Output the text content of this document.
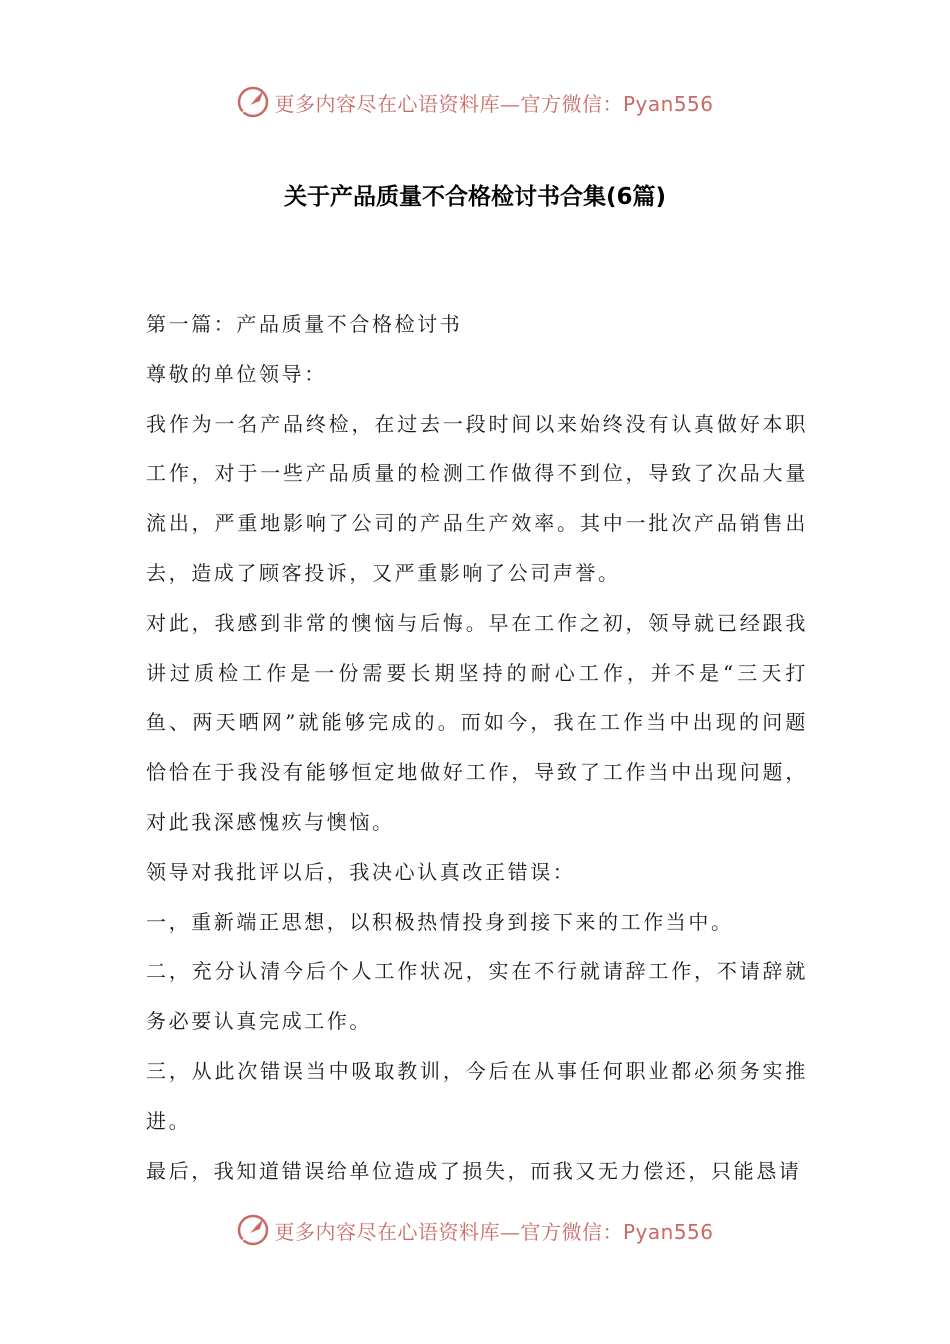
更多内容尽在心语资料库—官方微信：Pyan556
关于产品质量不合格检讨书合集(6篇)

第一篇：产品质量不合格检讨书

尊敬的单位领导：

我作为一名产品终检，在过去一段时间以来始终没有认真做好本职工作，对于一些产品质量的检测工作做得不到位，导致了次品大量流出，严重地影响了公司的产品生产效率。其中一批次产品销售出去，造成了顾客投诉，又严重影响了公司声誉。

对此，我感到非常的懊恼与后悔。早在工作之初，领导就已经跟我讲过质检工作是一份需要长期坚持的耐心工作，并不是“三天打鱼、两天晒网”就能够完成的。而如今，我在工作当中出现的问题恰恰在于我没有能够恒定地做好工作，导致了工作当中出现问题，对此我深感愧疚与懊恼。

领导对我批评以后，我决心认真改正错误：

一，重新端正思想，以积极热情投身到接下来的工作当中。

二，充分认清今后个人工作状况，实在不行就请辞工作，不请辞就务必要认真完成工作。

三，从此次错误当中吸取教训，今后在从事任何职业都必须务实推进。

最后，我知道错误给单位造成了损失，而我又无力偿还，只能恳请

更多内容尽在心语资料库—官方微信：Pyan556
